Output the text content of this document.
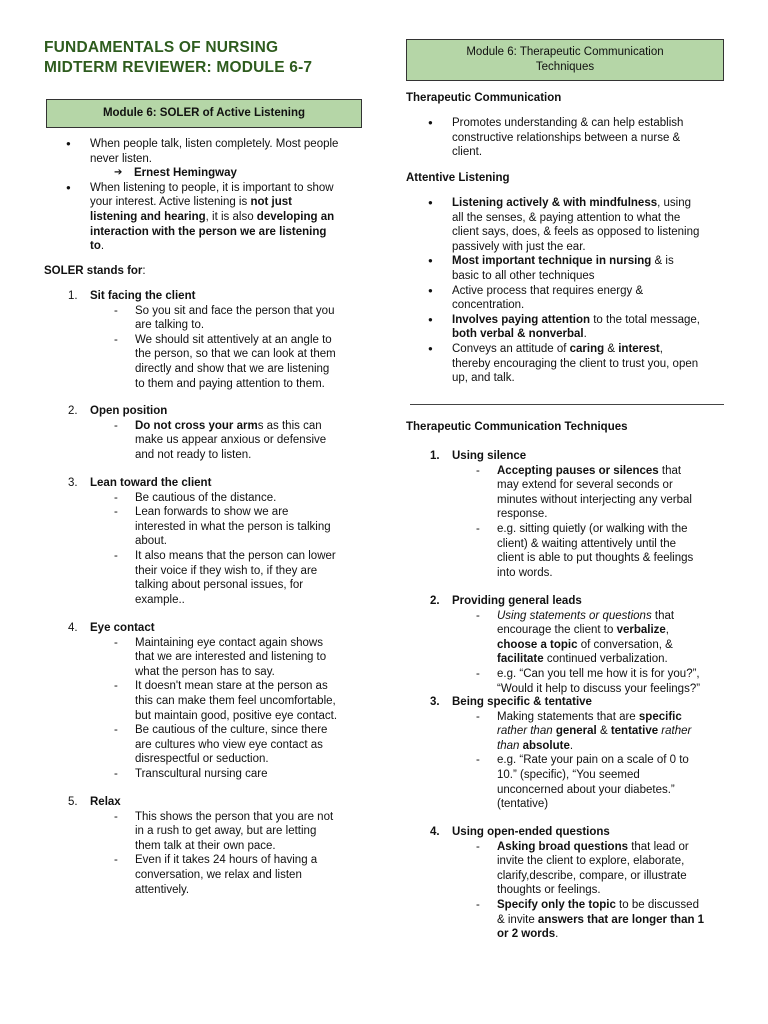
FUNDAMENTALS OF NURSING
MIDTERM REVIEWER: MODULE 6-7
Module 6: SOLER of Active Listening
● When people talk, listen completely. Most people
never listen.
➔ Ernest Hemingway
● When listening to people, it is important to show
your interest. Active listening is not just
listening and hearing, it is also developing an
interaction with the person we are listening
to.
SOLER stands for:
1. Sit facing the client
- So you sit and face the person that you
are talking to.
- We should sit attentively at an angle to
the person, so that we can look at them
directly and show that we are listening
to them and paying attention to them.
2. Open position
- Do not cross your arms as this can
make us appear anxious or defensive
and not ready to listen.
3. Lean toward the client
- Be cautious of the distance.
- Lean forwards to show we are
interested in what the person is talking
about.
- It also means that the person can lower
their voice if they wish to, if they are
talking about personal issues, for
example..
4. Eye contact
- Maintaining eye contact again shows
that we are interested and listening to
what the person has to say.
- It doesn't mean stare at the person as
this can make them feel uncomfortable,
but maintain good, positive eye contact.
- Be cautious of the culture, since there
are cultures who view eye contact as
disrespectful or seduction.
- Transcultural nursing care
5. Relax
- This shows the person that you are not
in a rush to get away, but are letting
them talk at their own pace.
- Even if it takes 24 hours of having a
conversation, we relax and listen
attentively.
Module 6: Therapeutic Communication
Techniques
Therapeutic Communication
● Promotes understanding & can help establish
constructive relationships between a nurse &
client.
Attentive Listening
● Listening actively & with mindfulness, using
all the senses, & paying attention to what the
client says, does, & feels as opposed to listening
passively with just the ear.
● Most important technique in nursing & is
basic to all other techniques
● Active process that requires energy &
concentration.
● Involves paying attention to the total message,
both verbal & nonverbal.
● Conveys an attitude of caring & interest,
thereby encouraging the client to trust you, open
up, and talk.
Therapeutic Communication Techniques
1. Using silence
- Accepting pauses or silences that
may extend for several seconds or
minutes without interjecting any verbal
response.
- e.g. sitting quietly (or walking with the
client) & waiting attentively until the
client is able to put thoughts & feelings
into words.
2. Providing general leads
- Using statements or questions that
encourage the client to verbalize,
choose a topic of conversation, &
facilitate continued verbalization.
- e.g. “Can you tell me how it is for you?”,
“Would it help to discuss your feelings?”
3. Being specific & tentative
- Making statements that are specific
rather than general & tentative rather
than absolute.
- e.g. “Rate your pain on a scale of 0 to
10.” (specific), “You seemed
unconcerned about your diabetes.”
(tentative)
4. Using open-ended questions
- Asking broad questions that lead or
invite the client to explore, elaborate,
clarify,describe, compare, or illustrate
thoughts or feelings.
- Specify only the topic to be discussed
& invite answers that are longer than 1
or 2 words.
